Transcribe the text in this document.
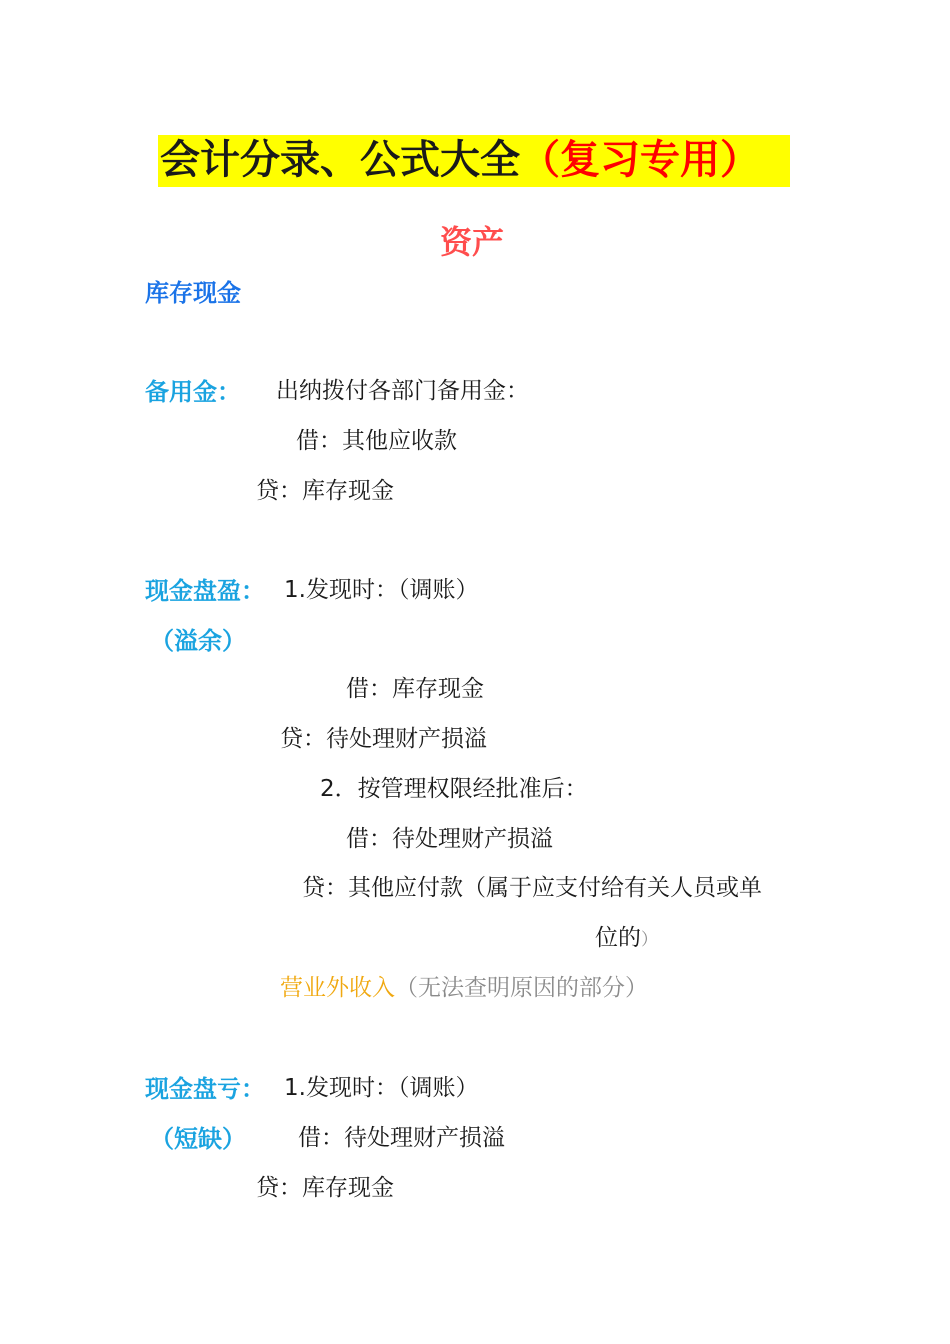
会计分录、公式大全（复习专用）
资产
库存现金
备用金： 出纳拨付各部门备用金：
借：其他应收款
贷：库存现金
现金盘盈： 1.发现时：（调账）
（溢余）
借：库存现金
贷：待处理财产损溢
2．按管理权限经批准后：
借：待处理财产损溢
贷：其他应付款（属于应支付给有关人员或单
位的）
营业外收入（无法查明原因的部分）
现金盘亏： 1.发现时：（调账）
（短缺） 借：待处理财产损溢
贷：库存现金
